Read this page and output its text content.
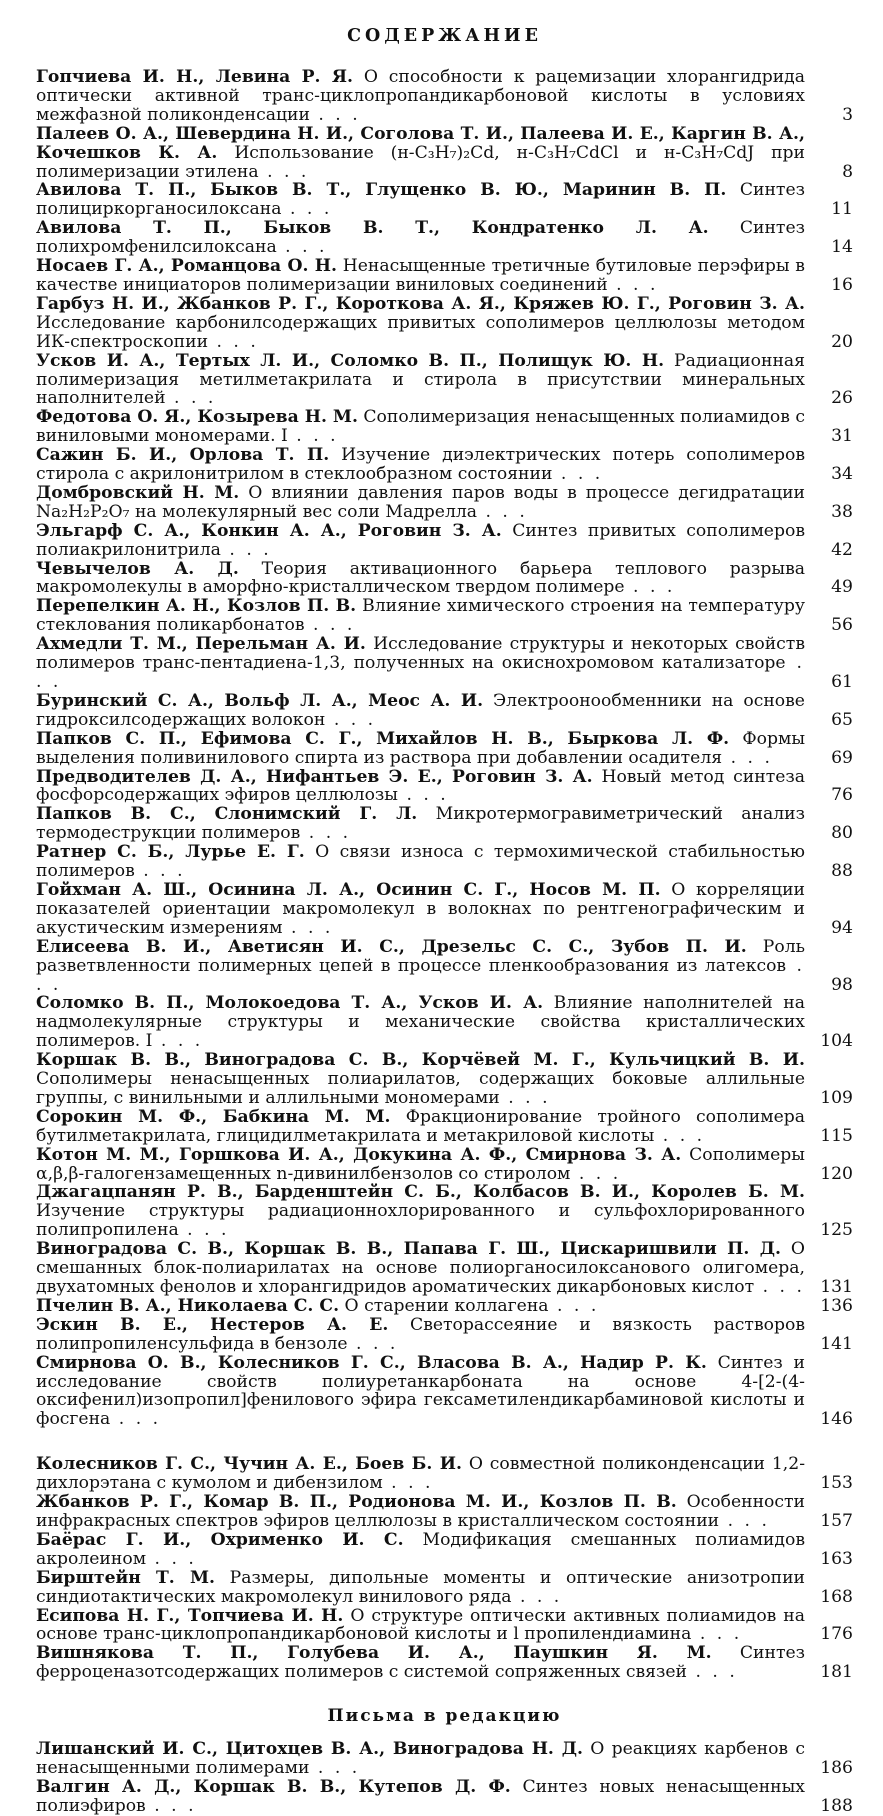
СОДЕРЖАНИЕ
Гопчиева И. Н., Левина Р. Я. О способности к рацемизации хлорангидрида оптически активной транс-циклопропандикарбоновой кислоты в условиях межфазной поликонденсации . . .	3
Палеев О. А., Шевердина Н. И., Соголова Т. И., Палеева И. Е., Каргин В. А., Кочешков К. А. Использование (н-C₃H₇)₂Cd, н-C₃H₇CdCl и н-C₃H₇CdJ при полимеризации этилена . . .	8
Авилова Т. П., Быков В. Т., Глущенко В. Ю., Маринин В. П. Синтез полициркорганосилоксана . . .	11
Авилова Т. П., Быков В. Т., Кондратенко Л. А. Синтез полихромфенилсилоксана . . .	14
Носаев Г. А., Романцова О. Н. Ненасыщенные третичные бутиловые перэфиры в качестве инициаторов полимеризации виниловых соединений . . .	16
Гарбуз Н. И., Жбанков Р. Г., Короткова А. Я., Кряжев Ю. Г., Роговин З. А. Исследование карбонилсодержащих привитых сополимеров целлюлозы методом ИК-спектроскопии . . .	20
Усков И. А., Тертых Л. И., Соломко В. П., Полищук Ю. Н. Радиационная полимеризация метилметакрилата и стирола в присутствии минеральных наполнителей . . .	26
Федотова О. Я., Козырева Н. М. Сополимеризация ненасыщенных полиамидов с виниловыми мономерами. I . . .	31
Сажин Б. И., Орлова Т. П. Изучение диэлектрических потерь сополимеров стирола с акрилонитрилом в стеклообразном состоянии . . .	34
Домбровский Н. М. О влиянии давления паров воды в процессе дегидратации Na₂H₂P₂O₇ на молекулярный вес соли Мадрелла . . .	38
Эльгарф С. А., Конкин А. А., Роговин З. А. Синтез привитых сополимеров полиакрилонитрила . . .	42
Чевычелов А. Д. Теория активационного барьера теплового разрыва макромолекулы в аморфно-кристаллическом твердом полимере . . .	49
Перепелкин А. Н., Козлов П. В. Влияние химического строения на температуру стеклования поликарбонатов . . .	56
Ахмедли Т. М., Перельман А. И. Исследование структуры и некоторых свойств полимеров транс-пентадиена-1,3, полученных на окиснохромовом катализаторе . . .	61
Буринский С. А., Вольф Л. А., Меос А. И. Электроонообменники на основе гидроксилсодержащих волокон . . .	65
Папков С. П., Ефимова С. Г., Михайлов Н. В., Быркова Л. Ф. Формы выделения поливинилового спирта из раствора при добавлении осадителя . . .	69
Предводителев Д. А., Нифантьев Э. Е., Роговин З. А. Новый метод синтеза фосфорсодержащих эфиров целлюлозы . . .	76
Папков В. С., Слонимский Г. Л. Микротермогравиметрический анализ термодеструкции полимеров . . .	80
Ратнер С. Б., Лурье Е. Г. О связи износа с термохимической стабильностью полимеров . . .	88
Гойхман А. Ш., Осинина Л. А., Осинин С. Г., Носов М. П. О корреляции показателей ориентации макромолекул в волокнах по рентгенографическим и акустическим измерениям . . .	94
Елисеева В. И., Аветисян И. С., Дрезельс С. С., Зубов П. И. Роль разветвленности полимерных цепей в процессе пленкообразования из латексов . . .	98
Соломко В. П., Молокоедова Т. А., Усков И. А. Влияние наполнителей на надмолекулярные структуры и механические свойства кристаллических полимеров. I . . .	104
Коршак В. В., Виноградова С. В., Корчёвей М. Г., Кульчицкий В. И. Сополимеры ненасыщенных полиарилатов, содержащих боковые аллильные группы, с винильными и аллильными мономерами . . .	109
Сорокин М. Ф., Бабкина М. М. Фракционирование тройного сополимера бутилметакрилата, глицидилметакрилата и метакриловой кислоты . . .	115
Котон М. М., Горшкова И. А., Докукина А. Ф., Смирнова З. А. Сополимеры α,β,β-галогензамещенных n-дивинилбензолов со стиролом . . .	120
Джагацпанян Р. В., Барденштейн С. Б., Колбасов В. И., Королев Б. М. Изучение структуры радиационнохлорированного и сульфохлорированного полипропилена . . .	125
Виноградова С. В., Коршак В. В., Папава Г. Ш., Цискаришвили П. Д. О смешанных блок-полиарилатах на основе полиорганосилоксанового олигомера, двухатомных фенолов и хлорангидридов ароматических дикарбоновых кислот . . . 131
Пчелин В. А., Николаева С. С. О старении коллагена . . .	136
Эскин В. Е., Нестеров А. Е. Светорассеяние и вязкость растворов полипропиленсульфида в бензоле . . .	141
Смирнова О. В., Колесников Г. С., Власова В. А., Надир Р. К. Синтез и исследование свойств полиуретанкарбоната на основе 4-[2-(4-оксифенил)изопропил]фенилового эфира гексаметилендикарбаминовой кислоты и фосгена . . .	146
Колесников Г. С., Чучин А. Е., Боев Б. И. О совместной поликонденсации 1,2-дихлорэтана с кумолом и дибензилом . . .	153
Жбанков Р. Г., Комар В. П., Родионова М. И., Козлов П. В. Особенности инфракрасных спектров эфиров целлюлозы в кристаллическом состоянии . . .	157
Баёрас Г. И., Охрименко И. С. Модификация смешанных полиамидов акролеином . . .	163
Бирштейн Т. М. Размеры, дипольные моменты и оптические анизотропии синдиотактических макромолекул винилового ряда . . .	168
Есипова Н. Г., Топчиева И. Н. О структуре оптически активных полиамидов на основе транс-циклопропандикарбоновой кислоты и l пропилендиамина . . .	176
Вишнякова Т. П., Голубева И. А., Паушкин Я. М. Синтез ферроценазотсодержащих полимеров с системой сопряженных связей . . .	181
Письма в редакцию
Лишанский И. С., Цитохцев В. А., Виноградова Н. Д. О реакциях карбенов с ненасыщенными полимерами . . .	186
Валгин А. Д., Коршак В. В., Кутепов Д. Ф. Синтез новых ненасыщенных полиэфиров . . .	188
